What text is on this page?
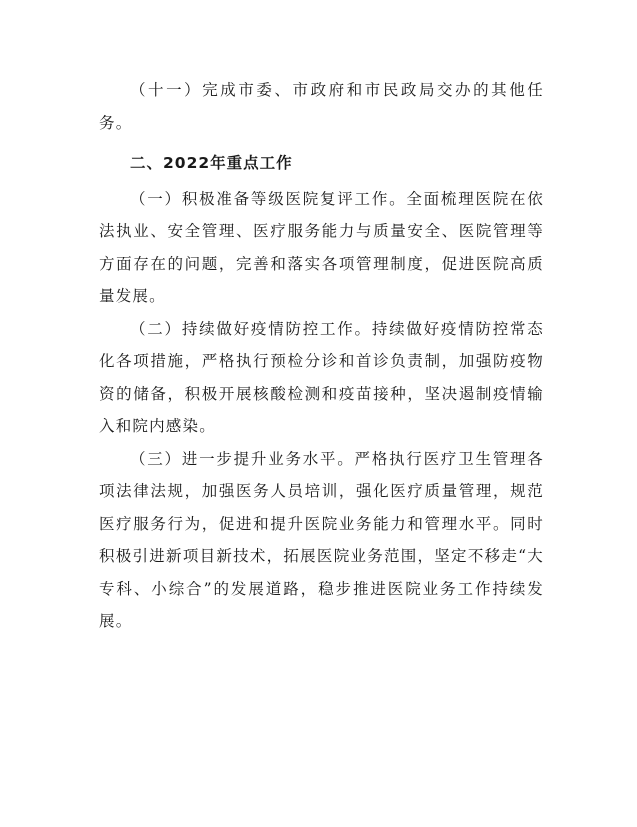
（十一）完成市委、市政府和市民政局交办的其他任务。

二、2022年重点工作

（一）积极准备等级医院复评工作。全面梳理医院在依法执业、安全管理、医疗服务能力与质量安全、医院管理等方面存在的问题，完善和落实各项管理制度，促进医院高质量发展。

（二）持续做好疫情防控工作。持续做好疫情防控常态化各项措施，严格执行预检分诊和首诊负责制，加强防疫物资的储备，积极开展核酸检测和疫苗接种，坚决遏制疫情输入和院内感染。

（三）进一步提升业务水平。严格执行医疗卫生管理各项法律法规，加强医务人员培训，强化医疗质量管理，规范医疗服务行为，促进和提升医院业务能力和管理水平。同时积极引进新项目新技术，拓展医院业务范围，坚定不移走“大专科、小综合”的发展道路，稳步推进医院业务工作持续发展。
